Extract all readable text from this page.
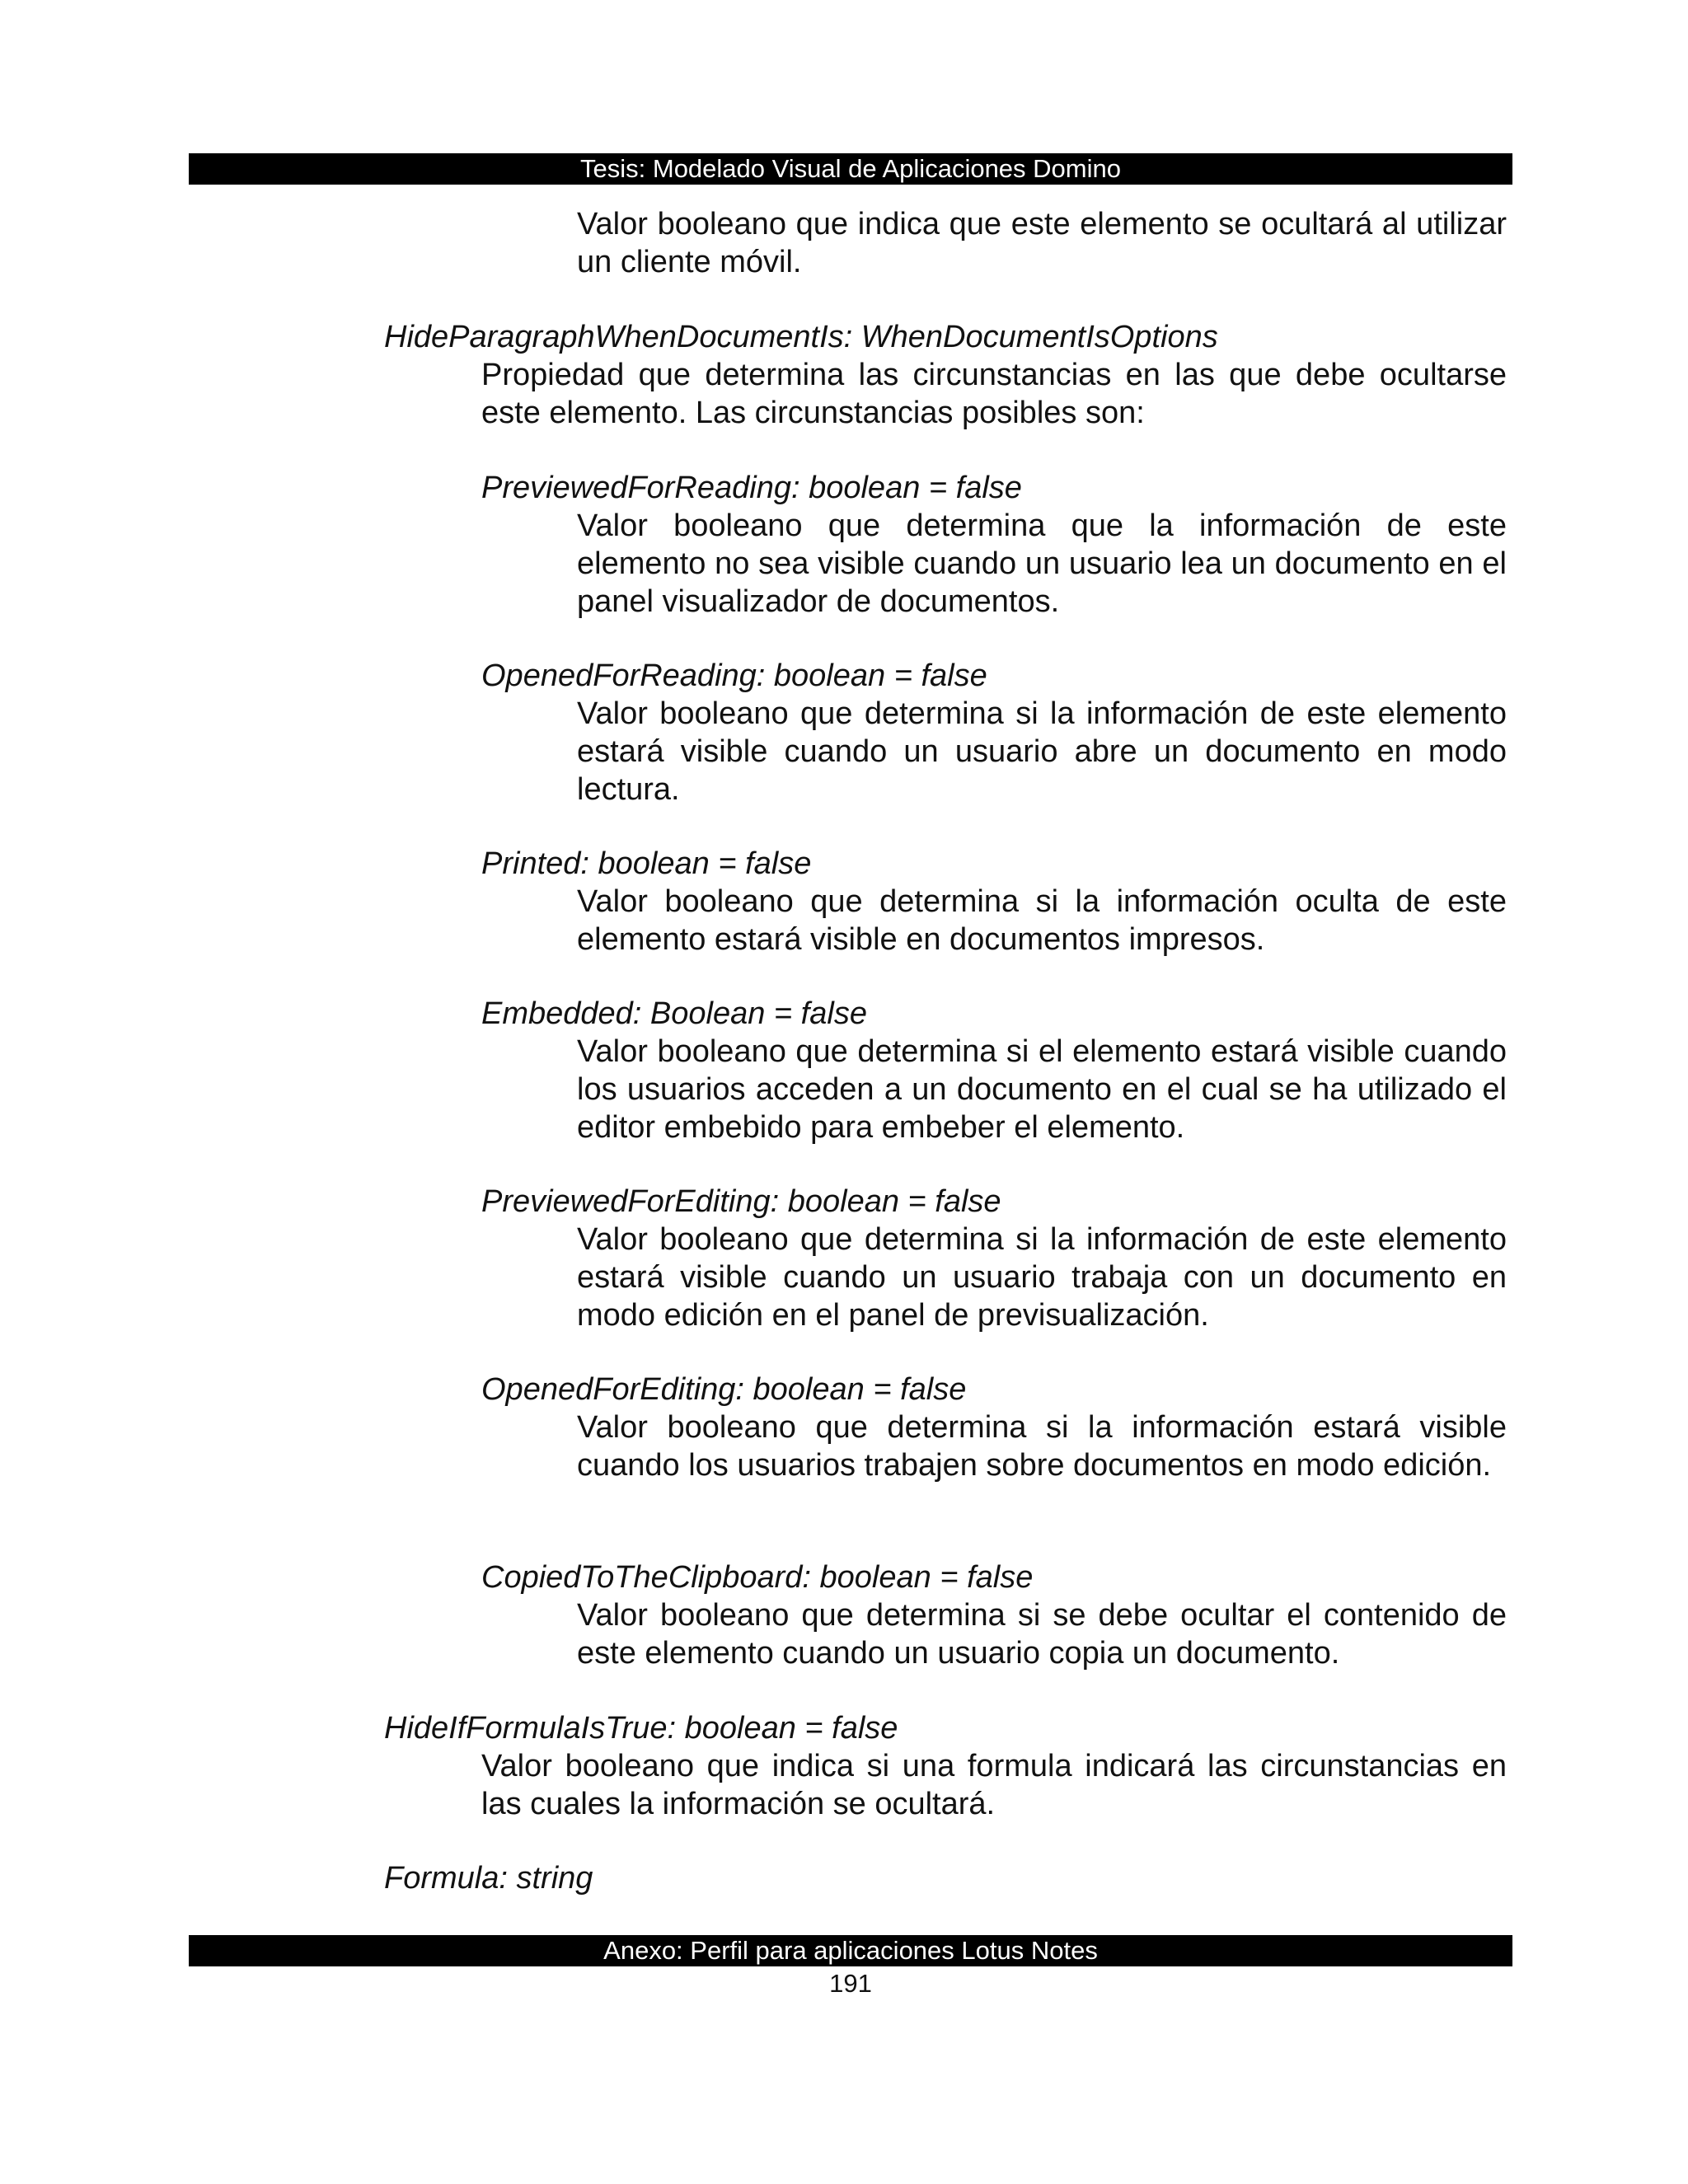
Tesis: Modelado Visual de Aplicaciones Domino

Valor booleano que indica que este elemento se ocultará al utilizar un cliente móvil.

HideParagraphWhenDocumentIs: WhenDocumentIsOptions

Propiedad que determina las circunstancias en las que debe ocultarse este elemento. Las circunstancias posibles son:

PreviewedForReading: boolean = false

Valor booleano que determina que la información de este elemento no sea visible cuando un usuario lea un documento en el panel visualizador de documentos.

OpenedForReading: boolean = false

Valor booleano que determina si la información de este elemento estará visible cuando un usuario abre un documento en modo lectura.

Printed: boolean = false

Valor booleano que determina si la información oculta de este elemento estará visible en documentos impresos.

Embedded: Boolean = false

Valor booleano que determina si el elemento estará visible cuando los usuarios acceden a un documento en el cual se ha utilizado el editor embebido para embeber el elemento.

PreviewedForEditing: boolean = false

Valor booleano que determina si la información de este elemento estará visible cuando un usuario trabaja con un documento en modo edición en el panel de previsualización.

OpenedForEditing: boolean = false

Valor booleano que determina si la información estará visible cuando los usuarios trabajen sobre documentos en modo edición.

CopiedToTheClipboard: boolean = false

Valor booleano que determina si se debe ocultar el contenido de este elemento cuando un usuario copia un documento.

HideIfFormulaIsTrue: boolean = false

Valor booleano que indica si una formula indicará las circunstancias en las cuales la información se ocultará.

Formula: string

Anexo: Perfil para aplicaciones Lotus Notes
191
